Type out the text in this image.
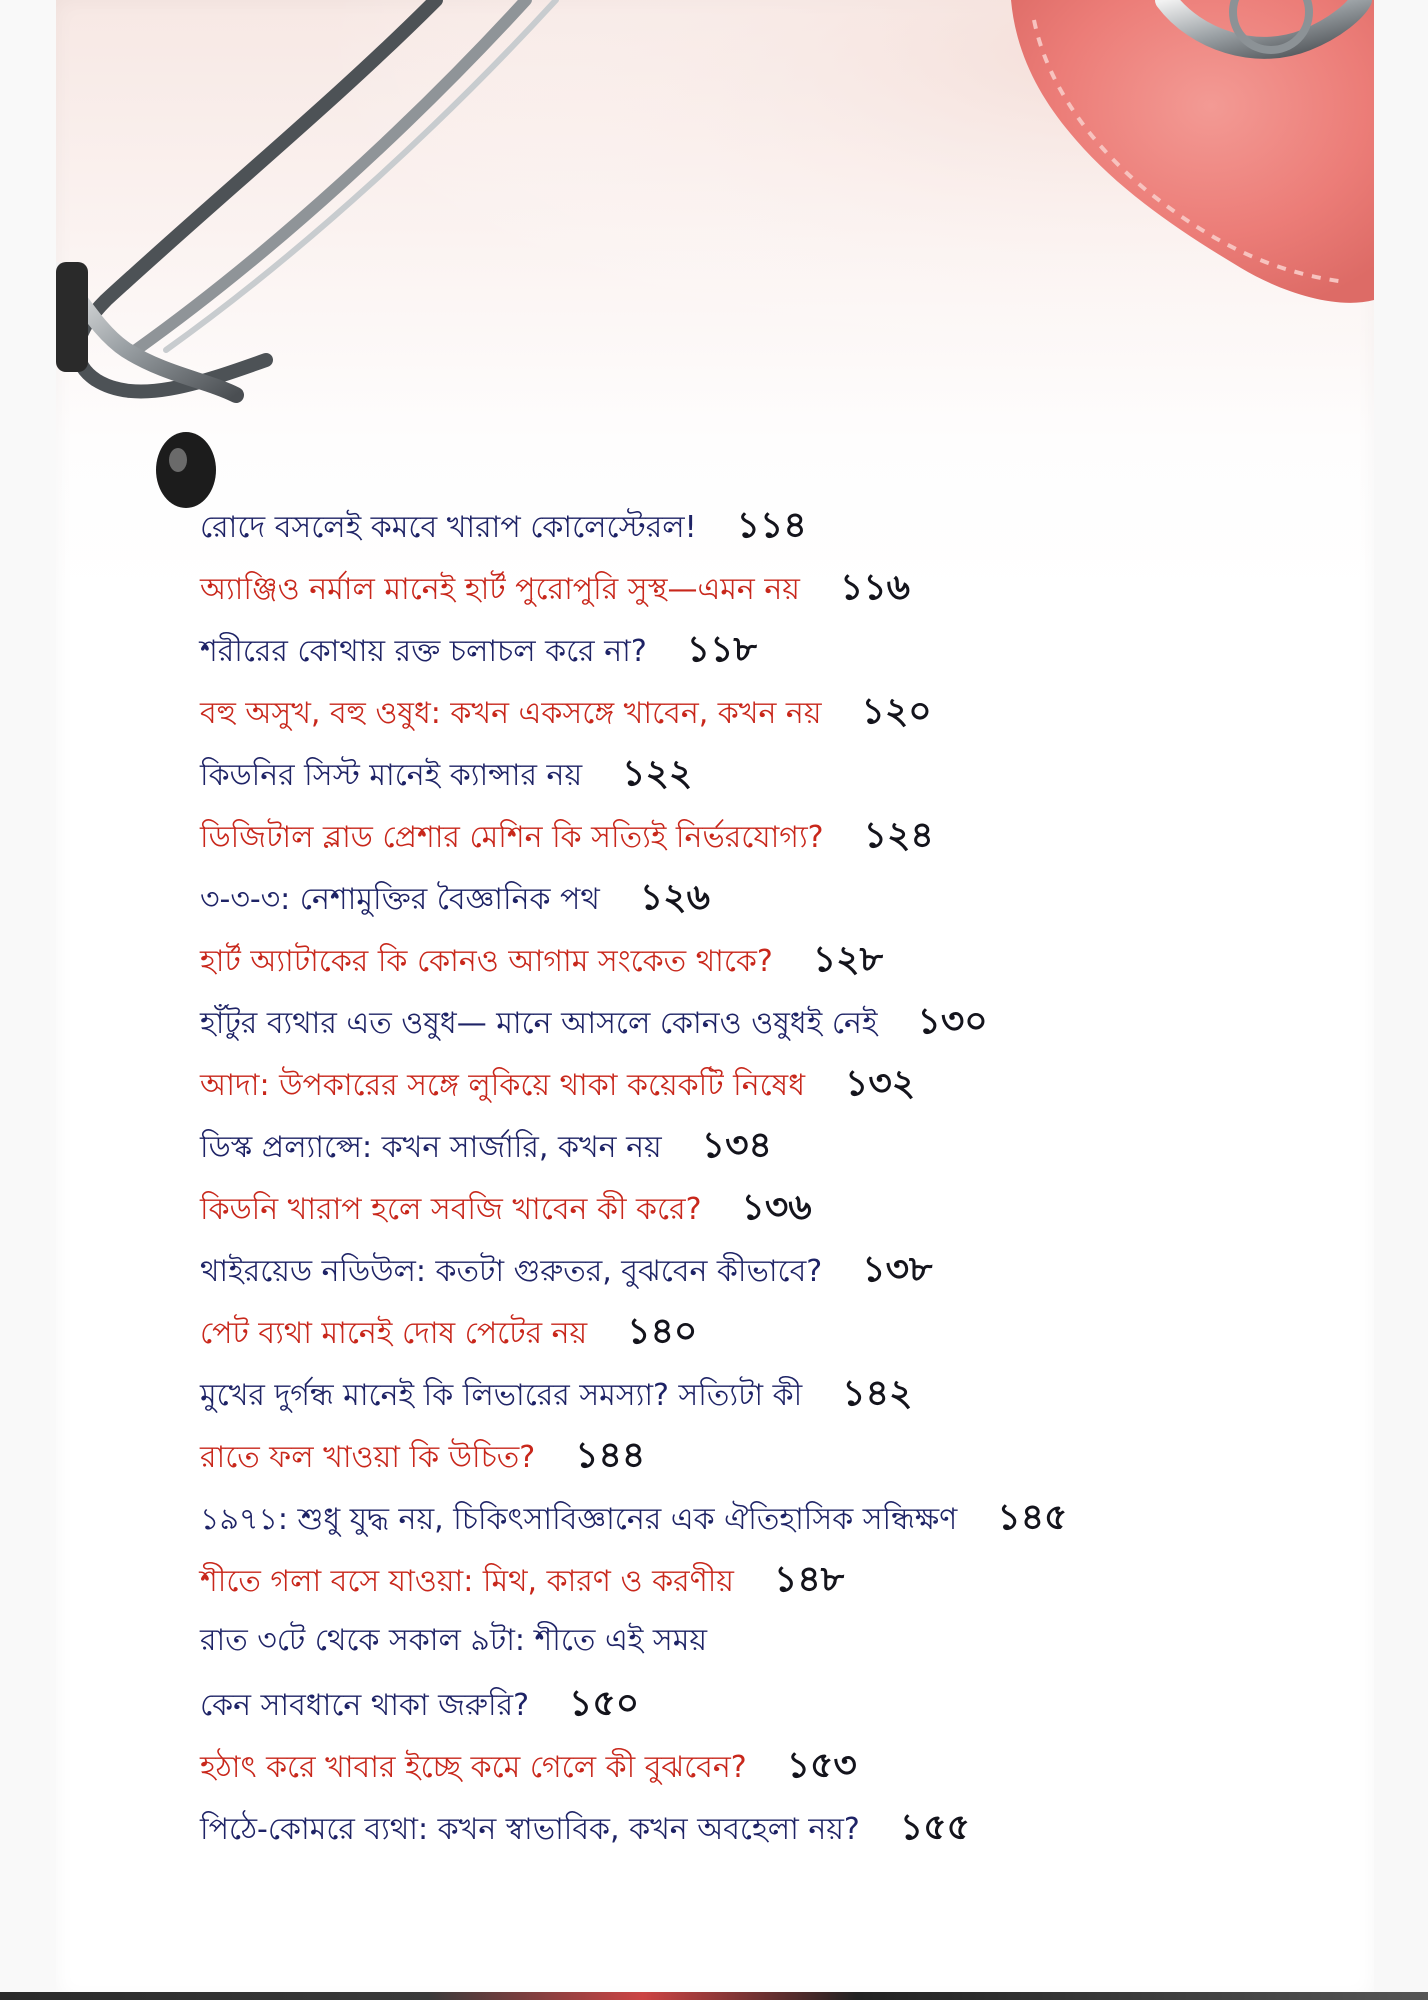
রোদে বসলেই কমবে খারাপ কোলেস্টেরল! ১১৪
অ্যাঞ্জিও নর্মাল মানেই হার্ট পুরোপুরি সুস্থ—এমন নয় ১১৬
শরীরের কোথায় রক্ত চলাচল করে না? ১১৮
বহু অসুখ, বহু ওষুধ: কখন একসঙ্গে খাবেন, কখন নয় ১২০
কিডনির সিস্ট মানেই ক্যান্সার নয় ১২২
ডিজিটাল ব্লাড প্রেশার মেশিন কি সত্যিই নির্ভরযোগ্য? ১২৪
৩-৩-৩: নেশামুক্তির বৈজ্ঞানিক পথ ১২৬
হার্ট অ্যাটাকের কি কোনও আগাম সংকেত থাকে? ১২৮
হাঁটুর ব্যথার এত ওষুধ— মানে আসলে কোনও ওষুধই নেই ১৩০
আদা: উপকারের সঙ্গে লুকিয়ে থাকা কয়েকটি নিষেধ ১৩২
ডিস্ক প্রল্যাপ্সে: কখন সার্জারি, কখন নয় ১৩৪
কিডনি খারাপ হলে সবজি খাবেন কী করে? ১৩৬
থাইরয়েড নডিউল: কতটা গুরুতর, বুঝবেন কীভাবে? ১৩৮
পেট ব্যথা মানেই দোষ পেটের নয় ১৪০
মুখের দুর্গন্ধ মানেই কি লিভারের সমস্যা? সত্যিটা কী ১৪২
রাতে ফল খাওয়া কি উচিত? ১৪৪
১৯৭১: শুধু যুদ্ধ নয়, চিকিৎসাবিজ্ঞানের এক ঐতিহাসিক সন্ধিক্ষণ ১৪৫
শীতে গলা বসে যাওয়া: মিথ, কারণ ও করণীয় ১৪৮
রাত ৩টে থেকে সকাল ৯টা: শীতে এই সময়
কেন সাবধানে থাকা জরুরি? ১৫০
হঠাৎ করে খাবার ইচ্ছে কমে গেলে কী বুঝবেন? ১৫৩
পিঠে-কোমরে ব্যথা: কখন স্বাভাবিক, কখন অবহেলা নয়? ১৫৫
